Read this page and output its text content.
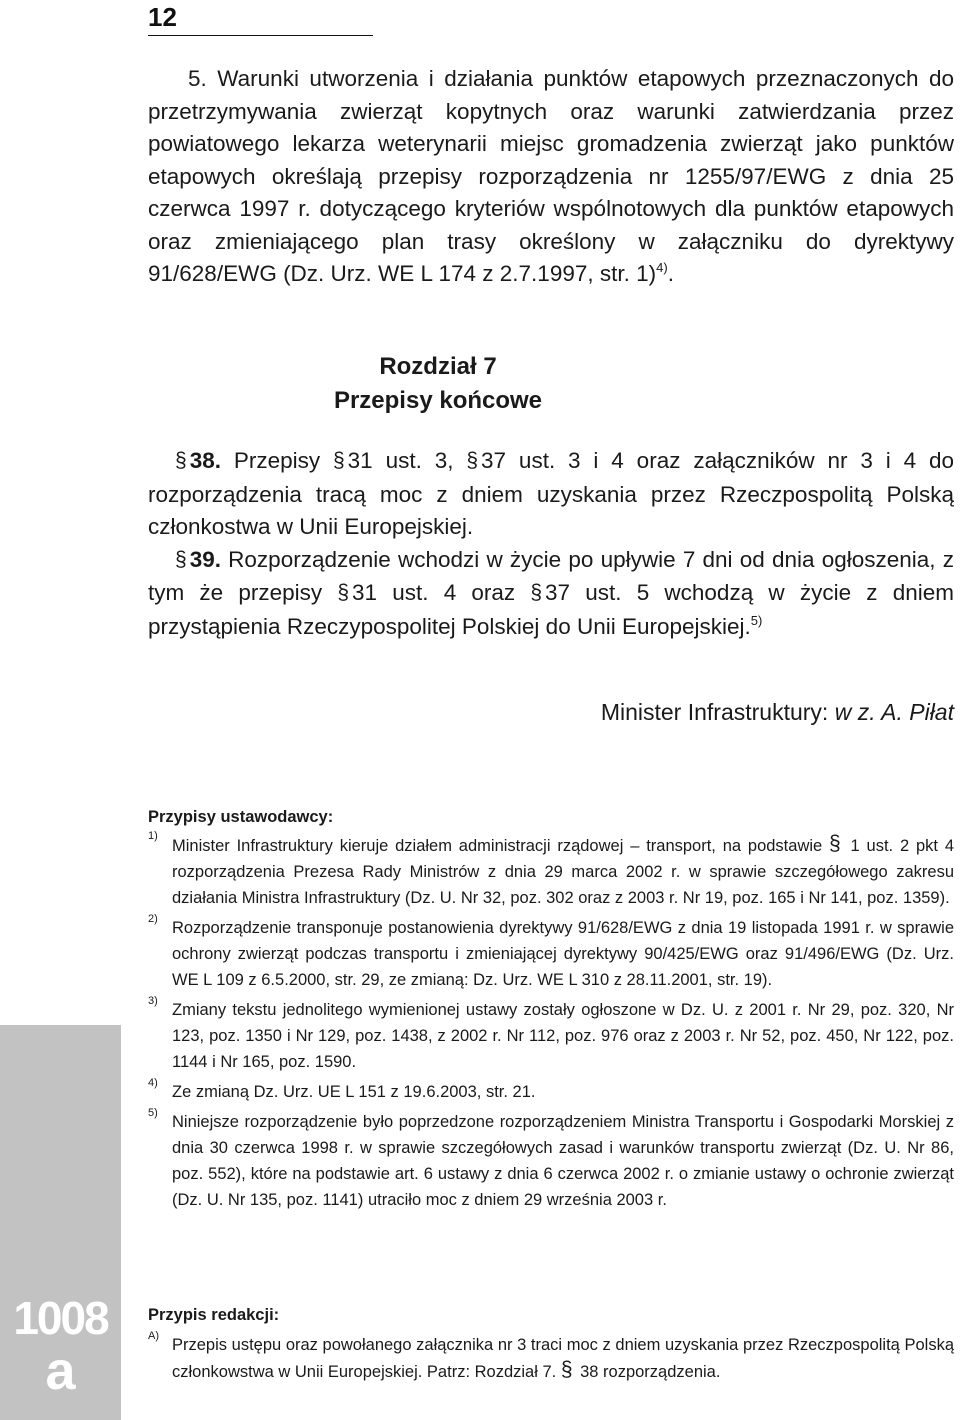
12

5. Warunki utworzenia i działania punktów etapowych przeznaczonych do przetrzymywania zwierząt kopytnych oraz warunki zatwierdzania przez powiatowego lekarza weterynarii miejsc gromadzenia zwierząt jako punktów etapowych określają przepisy rozporządzenia nr 1255/97/EWG z dnia 25 czerwca 1997 r. dotyczącego kryteriów wspólnotowych dla punktów etapowych oraz zmieniającego plan trasy określony w załączniku do dyrektywy 91/628/EWG (Dz. Urz. WE L 174 z 2.7.1997, str. 1)$^{4)}$.

Rozdział 7
Przepisy końcowe

§ 38. Przepisy § 31 ust. 3, § 37 ust. 3 i 4 oraz załączników nr 3 i 4 do rozporządzenia tracą moc z dniem uzyskania przez Rzeczpospolitą Polską członkostwa w Unii Europejskiej.

§ 39. Rozporządzenie wchodzi w życie po upływie 7 dni od dnia ogłoszenia, z tym że przepisy § 31 ust. 4 oraz § 37 ust. 5 wchodzą w życie z dniem przystąpienia Rzeczypospolitej Polskiej do Unii Europejskiej.$^{5)}$

Minister Infrastruktury: w z. A. Piłat
Przypisy ustawodawcy:

1)
Minister Infrastruktury kieruje działem administracji rządowej – transport, na podstawie § 1 ust. 2 pkt 4 rozporządzenia Prezesa Rady Ministrów z dnia 29 marca 2002 r. w sprawie szczegółowego zakresu działania Ministra Infrastruktury (Dz. U. Nr 32, poz. 302 oraz z 2003 r. Nr 19, poz. 165 i Nr 141, poz. 1359).

2) Rozporządzenie transponuje postanowienia dyrektywy 91/628/EWG z dnia 19 listopada 1991 r. w sprawie ochrony zwierząt podczas transportu i zmieniającej dyrektywy 90/425/EWG oraz 91/496/EWG (Dz. Urz. WE L 109 z 6.5.2000, str. 29, ze zmianą: Dz. Urz. WE L 310 z 28.11.2001, str. 19).

3) Zmiany tekstu jednolitego wymienionej ustawy zostały ogłoszone w Dz. U. z 2001 r. Nr 29, poz. 320, Nr 123, poz. 1350 i Nr 129, poz. 1438, z 2002 r. Nr 112, poz. 976 oraz z 2003 r. Nr 52, poz. 450, Nr 122, poz. 1144 i Nr 165, poz. 1590.

4) Ze zmianą Dz. Urz. UE L 151 z 19.6.2003, str. 21.

5) Niniejsze rozporządzenie było poprzedzone rozporządzeniem Ministra Transportu i Gospodarki Morskiej z dnia 30 czerwca 1998 r. w sprawie szczegółowych zasad i warunków transportu zwierząt (Dz. U. Nr 86, poz. 552), które na podstawie art. 6 ustawy z dnia 6 czerwca 2002 r. o zmianie ustawy o ochronie zwierząt (Dz. U. Nr 135, poz. 1141) utraciło moc z dniem 29 września 2003 r.

Przypis redakcji:

A) Przepis ustępu oraz powołanego załącznika nr 3 traci moc z dniem uzyskania przez Rzeczpospolitą Polską członkowstwa w Unii Europejskiej. Patrz: Rozdział 7. § 38 rozporządzenia.

1008
a
